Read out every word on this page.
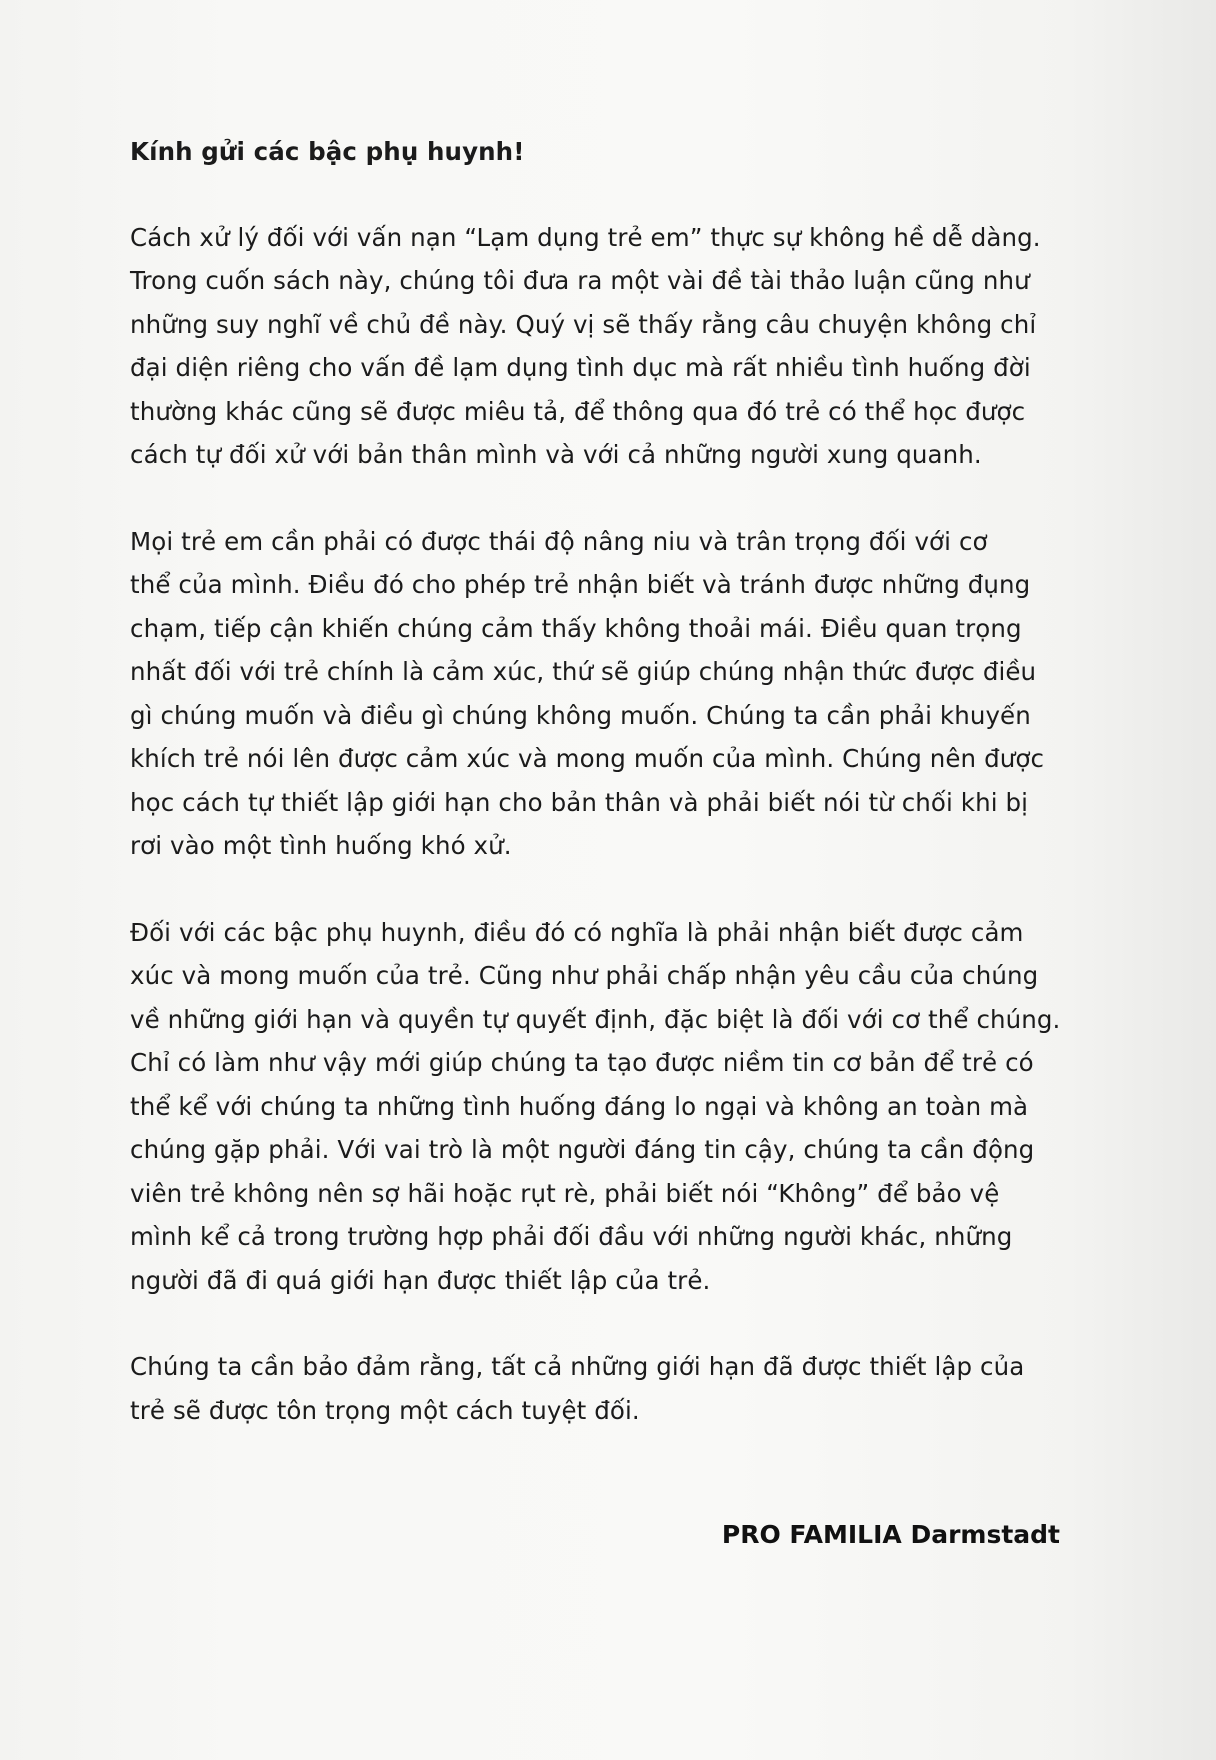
Kính gửi các bậc phụ huynh!

Cách xử lý đối với vấn nạn “Lạm dụng trẻ em” thực sự không hề dễ dàng.
Trong cuốn sách này, chúng tôi đưa ra một vài đề tài thảo luận cũng như
những suy nghĩ về chủ đề này. Quý vị sẽ thấy rằng câu chuyện không chỉ
đại diện riêng cho vấn đề lạm dụng tình dục mà rất nhiều tình huống đời
thường khác cũng sẽ được miêu tả, để thông qua đó trẻ có thể học được
cách tự đối xử với bản thân mình và với cả những người xung quanh.

Mọi trẻ em cần phải có được thái độ nâng niu và trân trọng đối với cơ
thể của mình. Điều đó cho phép trẻ nhận biết và tránh được những đụng
chạm, tiếp cận khiến chúng cảm thấy không thoải mái. Điều quan trọng
nhất đối với trẻ chính là cảm xúc, thứ sẽ giúp chúng nhận thức được điều
gì chúng muốn và điều gì chúng không muốn. Chúng ta cần phải khuyến
khích trẻ nói lên được cảm xúc và mong muốn của mình. Chúng nên được
học cách tự thiết lập giới hạn cho bản thân và phải biết nói từ chối khi bị
rơi vào một tình huống khó xử.

Đối với các bậc phụ huynh, điều đó có nghĩa là phải nhận biết được cảm
xúc và mong muốn của trẻ. Cũng như phải chấp nhận yêu cầu của chúng
về những giới hạn và quyền tự quyết định, đặc biệt là đối với cơ thể chúng.
Chỉ có làm như vậy mới giúp chúng ta tạo được niềm tin cơ bản để trẻ có
thể kể với chúng ta những tình huống đáng lo ngại và không an toàn mà
chúng gặp phải. Với vai trò là một người đáng tin cậy, chúng ta cần động
viên trẻ không nên sợ hãi hoặc rụt rè, phải biết nói “Không” để bảo vệ
mình kể cả trong trường hợp phải đối đầu với những người khác, những
người đã đi quá giới hạn được thiết lập của trẻ.

Chúng ta cần bảo đảm rằng, tất cả những giới hạn đã được thiết lập của
trẻ sẽ được tôn trọng một cách tuyệt đối.

PRO FAMILIA Darmstadt
